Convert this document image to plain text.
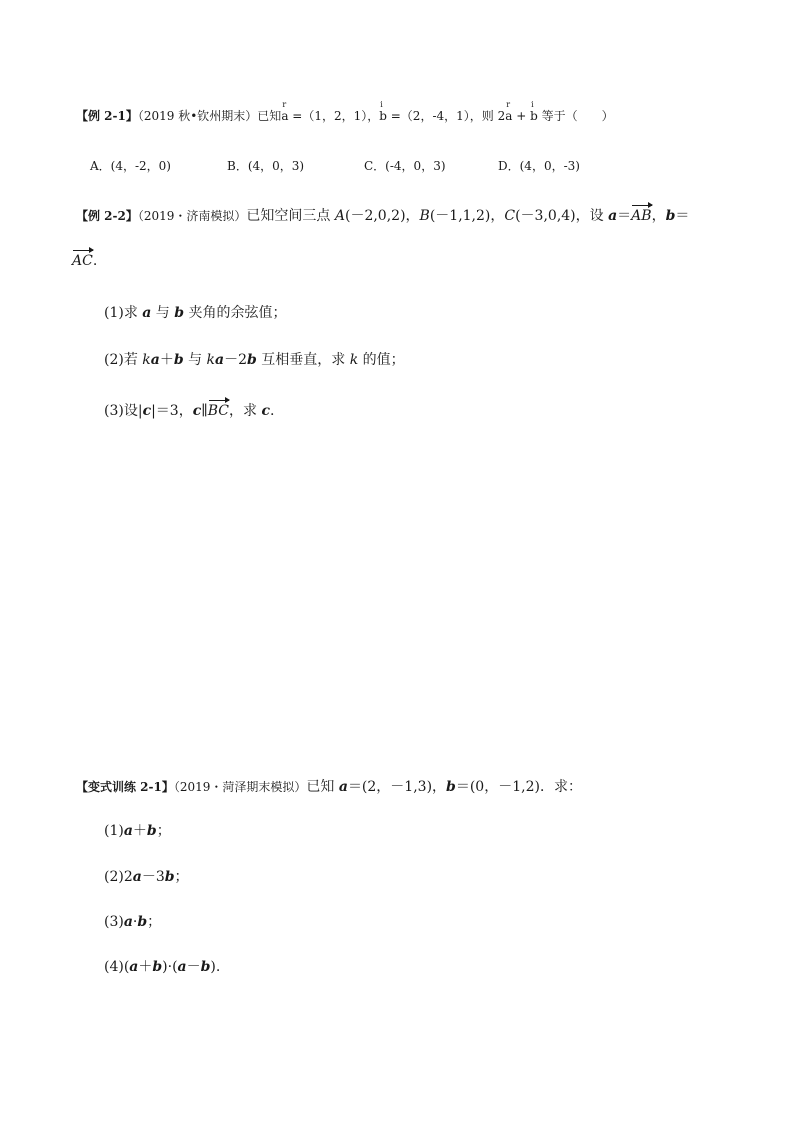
【例 2-1】（2019 秋•钦州期末）已知r a =（1，2，1），i b =（2，-4，1），则 2r a + i b 等于（　　）
A．(4，-2，0)	B．(4，0，3)	C．(-4，0，3)	D．(4，0，-3)
【例 2-2】（2019・济南模拟）已知空间三点 A(－2,0,2)，B(－1,1,2)，C(－3,0,4)，设 a＝AB，b＝
AC.
(1)求 a 与 b 夹角的余弦值；
(2)若 ka＋b 与 ka－2b 互相垂直，求 k 的值；
(3)设|c|＝3，c∥BC，求 c.
【变式训练 2-1】（2019・菏泽期末模拟）已知 a＝(2，－1,3)，b＝(0，－1,2)．求：
(1)a＋b；
(2)2a－3b；
(3)a·b；
(4)(a＋b)·(a－b).
